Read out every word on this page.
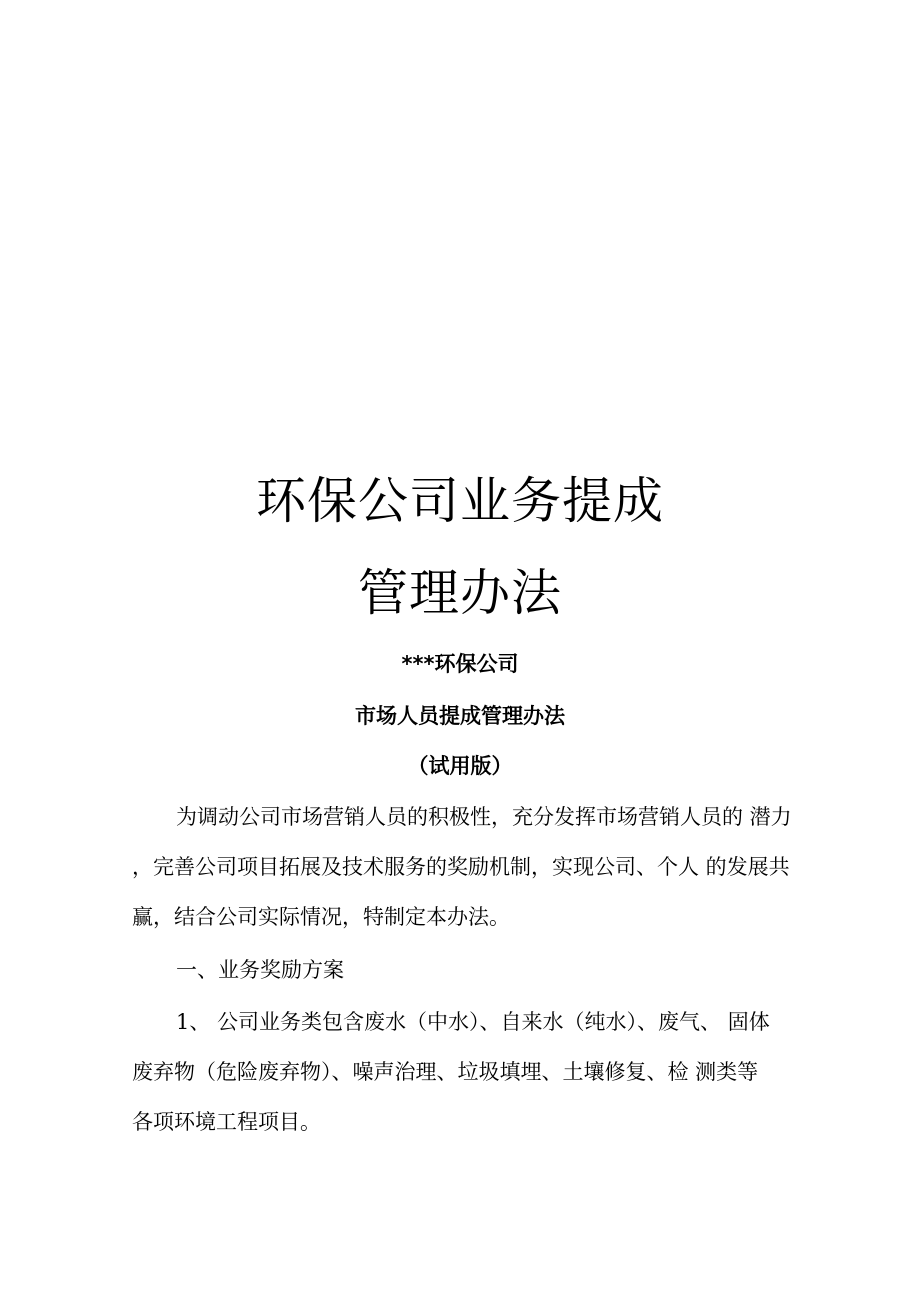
环保公司业务提成
管理办法
***环保公司
市场人员提成管理办法
（试用版）
为调动公司市场营销人员的积极性，充分发挥市场营销人员的 潜力
，完善公司项目拓展及技术服务的奖励机制，实现公司、个人 的发展共
赢，结合公司实际情况，特制定本办法。
一、业务奖励方案
1、 公司业务类包含废水（中水）、自来水（纯水）、废气、 固体
废弃物（危险废弃物）、噪声治理、垃圾填埋、土壤修复、检 测类等
各项环境工程项目。
